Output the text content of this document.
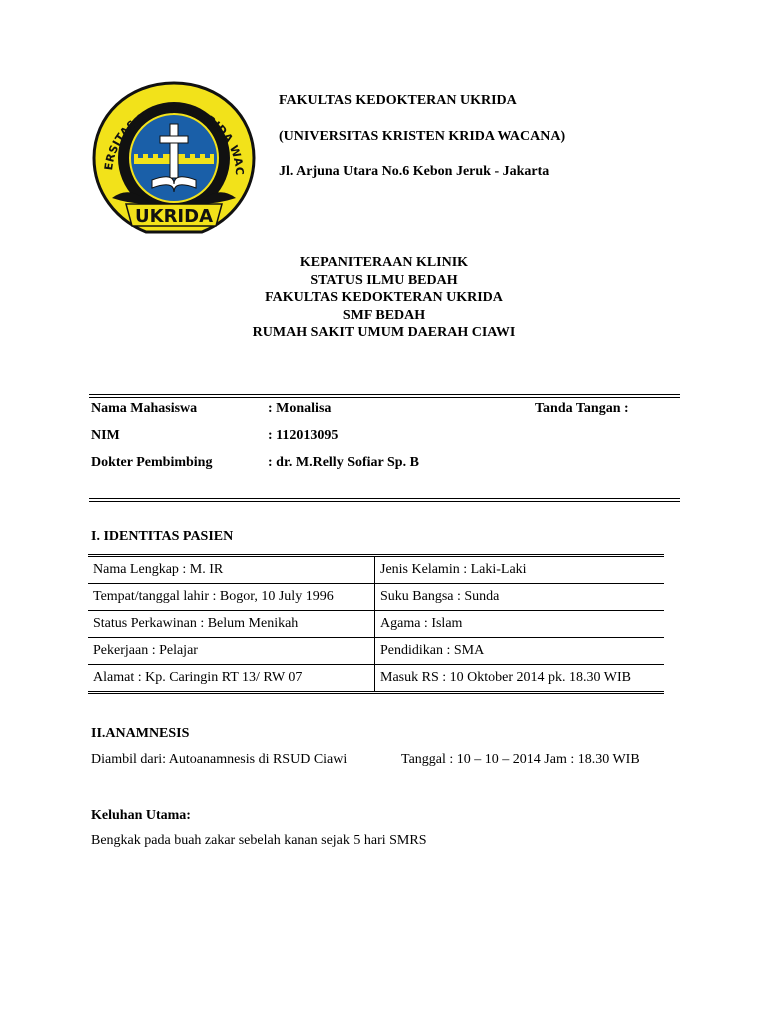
ERSITAS KRISTEN KRIDA WAC
UKRIDA
FAKULTAS KEDOKTERAN UKRIDA
(UNIVERSITAS KRISTEN KRIDA WACANA)
Jl. Arjuna Utara No.6 Kebon Jeruk - Jakarta
KEPANITERAAN KLINIK
STATUS ILMU BEDAH
FAKULTAS KEDOKTERAN UKRIDA
SMF BEDAH
RUMAH SAKIT UMUM DAERAH CIAWI
Nama Mahasiswa	: Monalisa	Tanda Tangan :
NIM	: 112013095
Dokter Pembimbing	: dr. M.Relly Sofiar Sp. B
I. IDENTITAS PASIEN
Nama Lengkap : M. IR	Jenis Kelamin : Laki-Laki
Tempat/tanggal lahir : Bogor, 10 July 1996	Suku Bangsa : Sunda
Status Perkawinan : Belum Menikah	Agama : Islam
Pekerjaan : Pelajar	Pendidikan : SMA
Alamat : Kp. Caringin RT 13/ RW 07	Masuk RS : 10 Oktober 2014 pk. 18.30 WIB
II.ANAMNESIS
Diambil dari: Autoanamnesis di RSUD Ciawi	Tanggal : 10 – 10 – 2014 Jam : 18.30 WIB
Keluhan Utama:
Bengkak pada buah zakar sebelah kanan sejak 5 hari SMRS
